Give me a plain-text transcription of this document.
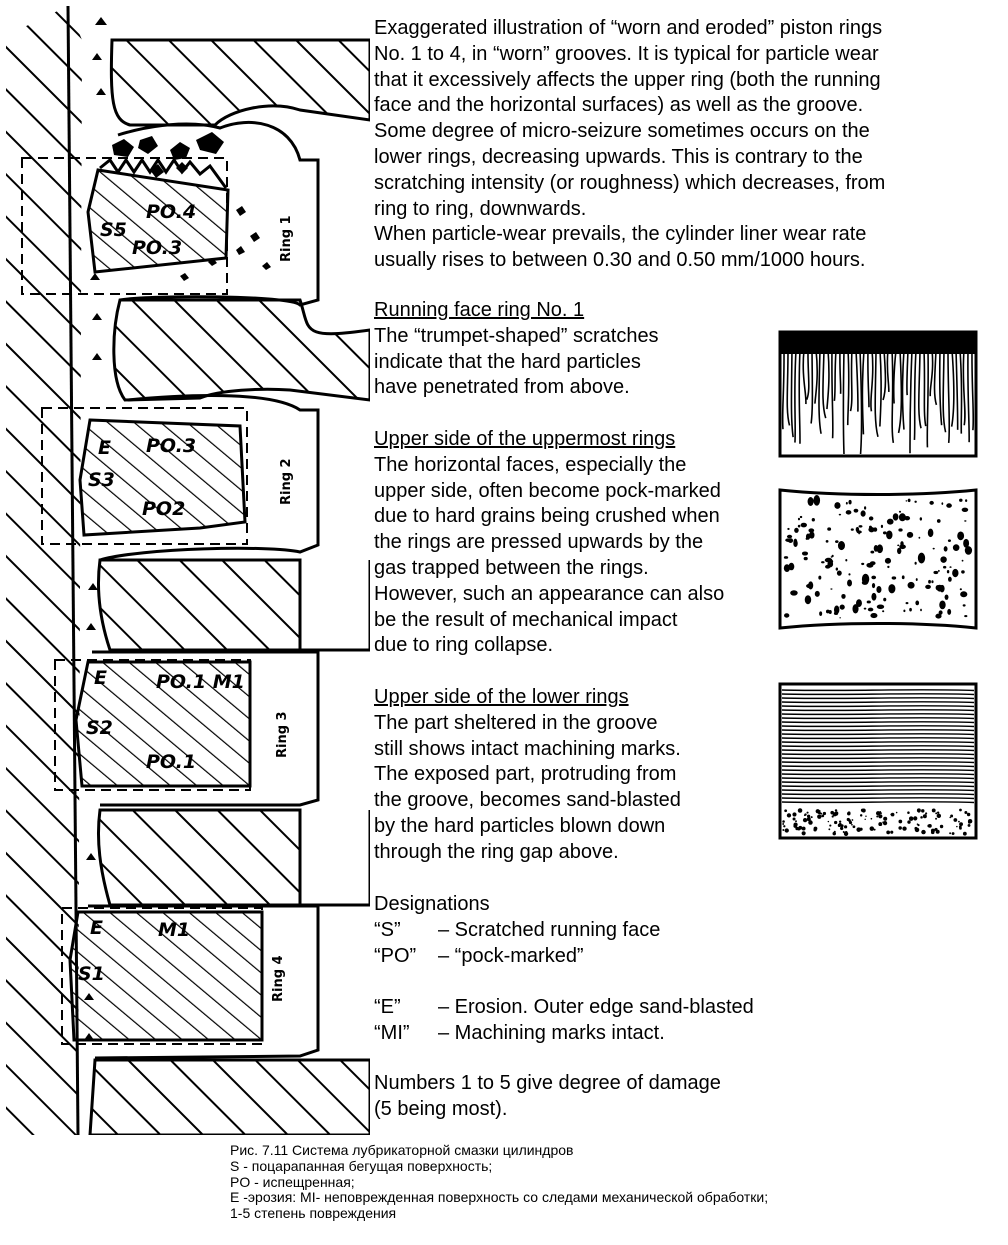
Ring 1
PO.4
S5
PO.3
Ring 2
E PO.3
S3
PO2
Ring 3
E	PO.1 M1
S2
PO.1
Ring 4
E	M1
S1

Exaggerated illustration of “worn and eroded” piston rings

No. 1 to 4, in “worn” grooves. It is typical for particle wear

that it excessively affects the upper ring (both the running

face and the horizontal surfaces) as well as the groove.

Some degree of micro-seizure sometimes occurs on the

lower rings, decreasing upwards. This is contrary to the

scratching intensity (or roughness) which decreases, from

ring to ring, downwards.

When particle-wear prevails, the cylinder liner wear rate

usually rises to between 0.30 and 0.50 mm/1000 hours.

Running face ring No. 1

The “trumpet-shaped” scratches

indicate that the hard particles

have penetrated from above.

Upper side of the uppermost rings

The horizontal faces, especially the

upper side, often become pock-marked

due to hard grains being crushed when

the rings are pressed upwards by the

gas trapped between the rings.

However, such an appearance can also

be the result of mechanical impact

due to ring collapse.

Upper side of the lower rings

The part sheltered in the groove

still shows intact machining marks.

The exposed part, protruding from

the groove, becomes sand-blasted

by the hard particles blown down

through the ring gap above.

Designations
“S”	– Scratched running face
“PO”	– “pock-marked”
“E”	– Erosion. Outer edge sand-blasted
“MI”	– Machining marks intact.

Numbers 1 to 5 give degree of damage

(5 being most).

Рис. 7.11 Система лубрикаторной смазки цилиндров
S - поцарапанная бегущая поверхность;
PO - испещренная;
E -эрозия: MI- неповрежденная поверхность со следами механической обработки;
1-5 степень повреждения
